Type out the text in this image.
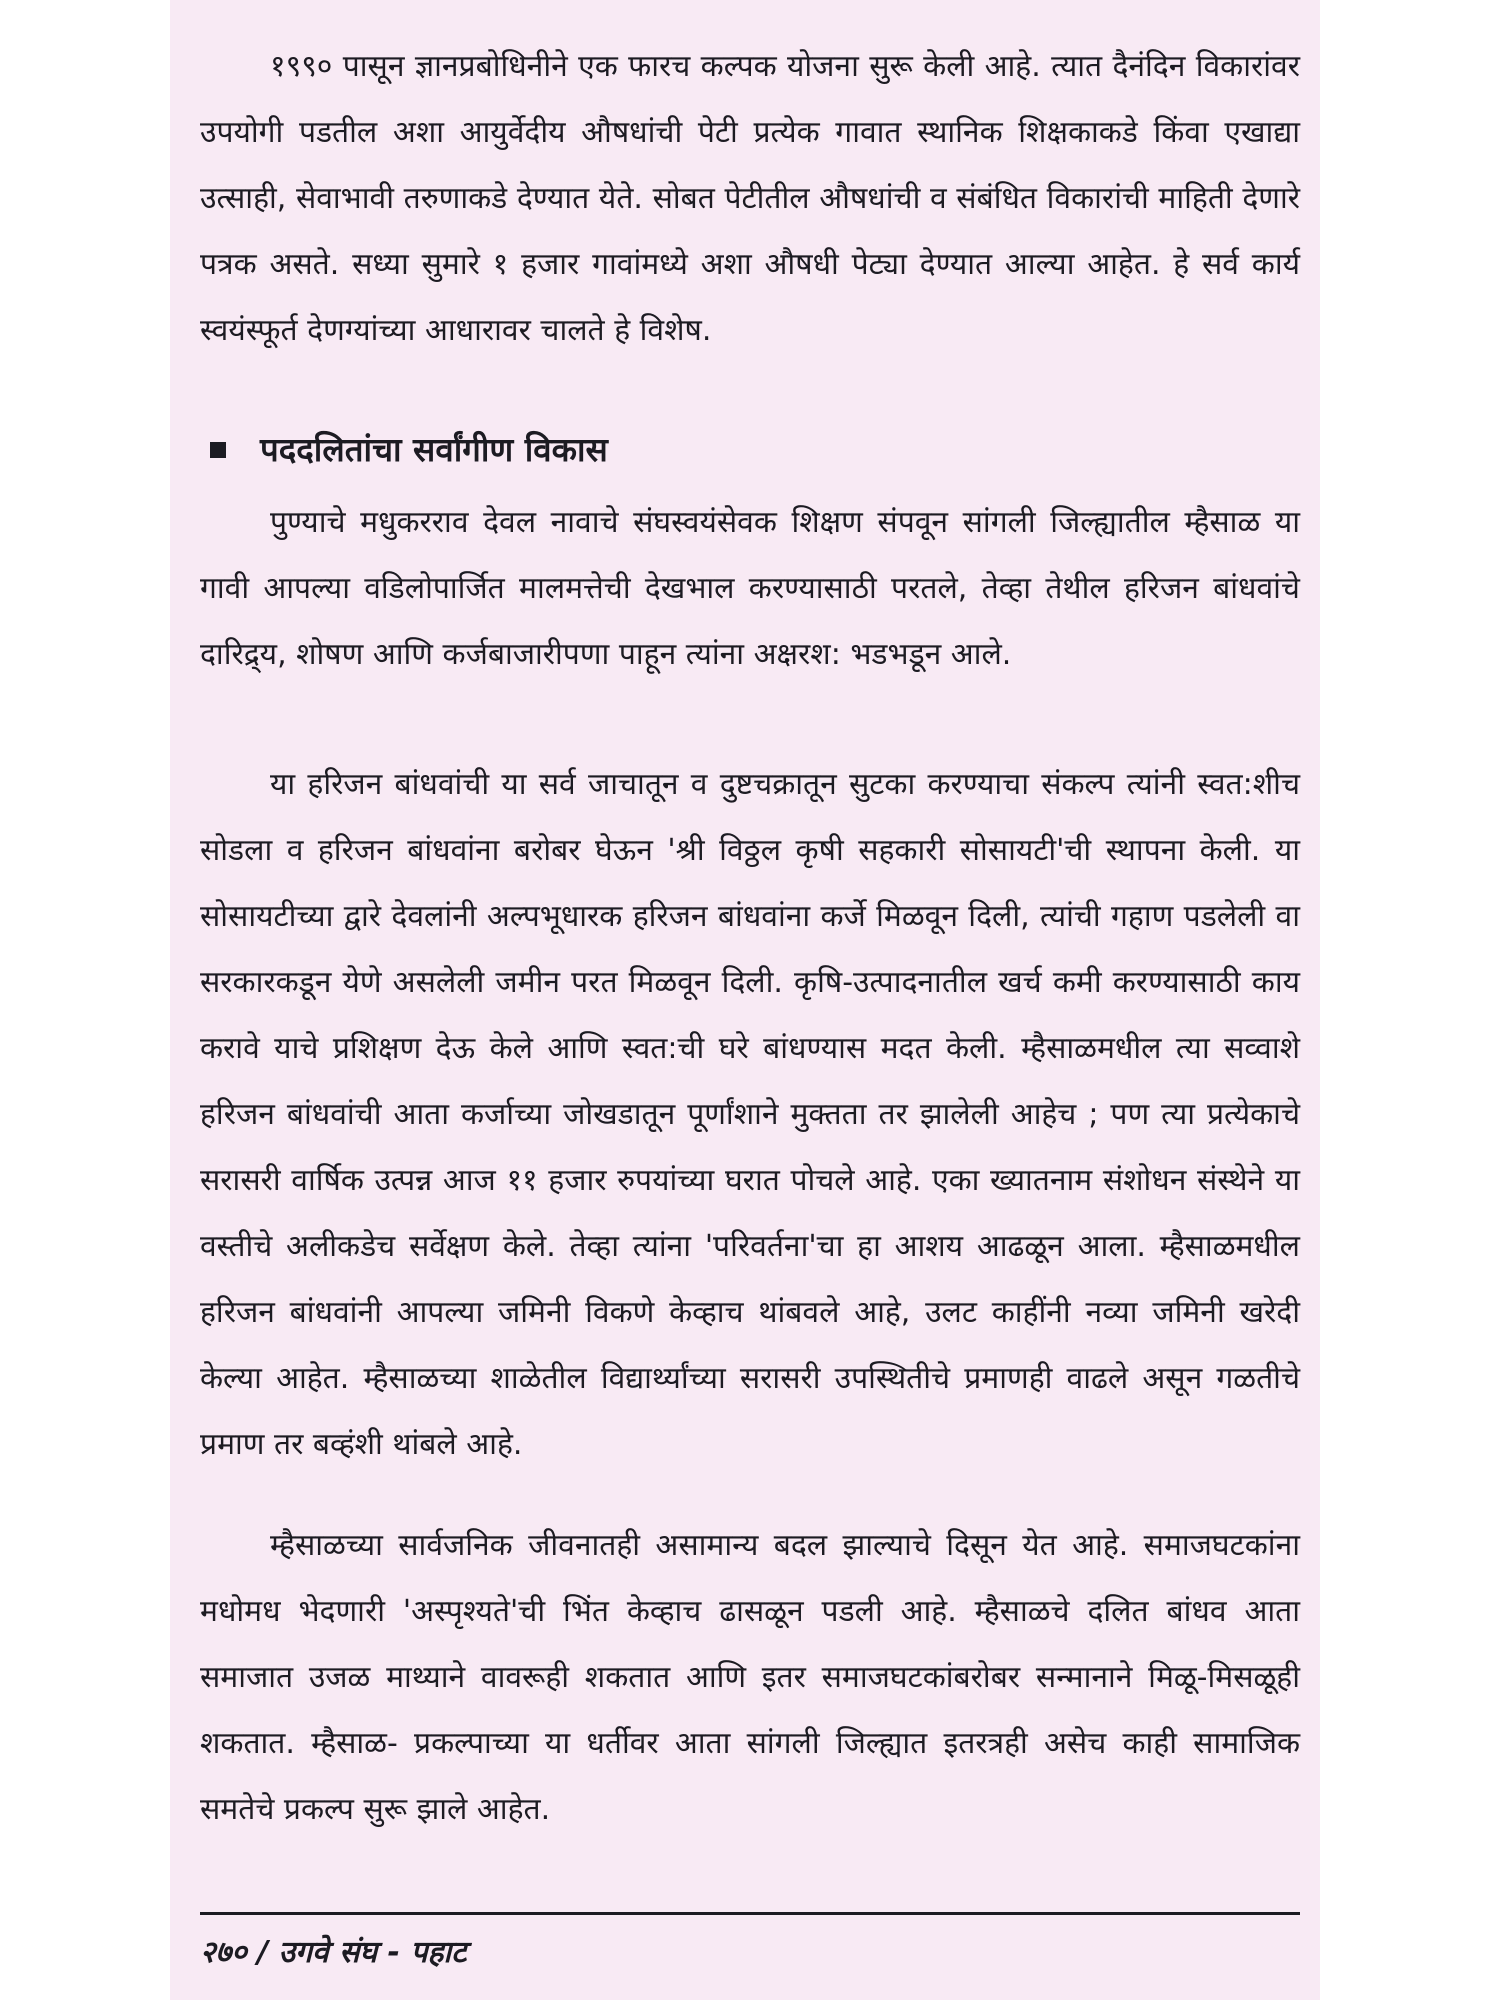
१९९० पासून ज्ञानप्रबोधिनीने एक फारच कल्पक योजना सुरू केली आहे. त्यात दैनंदिन विकारांवर उपयोगी पडतील अशा आयुर्वेदीय औषधांची पेटी प्रत्येक गावात स्थानिक शिक्षकाकडे किंवा एखाद्या उत्साही, सेवाभावी तरुणाकडे देण्यात येते. सोबत पेटीतील औषधांची व संबंधित विकारांची माहिती देणारे पत्रक असते. सध्या सुमारे १ हजार गावांमध्ये अशा औषधी पेट्या देण्यात आल्या आहेत. हे सर्व कार्य स्वयंस्फूर्त देणग्यांच्या आधारावर चालते हे विशेष.

पददलितांचा सर्वांगीण विकास

पुण्याचे मधुकरराव देवल नावाचे संघस्वयंसेवक शिक्षण संपवून सांगली जिल्ह्यातील म्हैसाळ या गावी आपल्या वडिलोपार्जित मालमत्तेची देखभाल करण्यासाठी परतले, तेव्हा तेथील हरिजन बांधवांचे दारिद्र्य, शोषण आणि कर्जबाजारीपणा पाहून त्यांना अक्षरश: भडभडून आले.

या हरिजन बांधवांची या सर्व जाचातून व दुष्टचक्रातून सुटका करण्याचा संकल्प त्यांनी स्वत:शीच सोडला व हरिजन बांधवांना बरोबर घेऊन 'श्री विठ्ठल कृषी सहकारी सोसायटी'ची स्थापना केली. या सोसायटीच्या द्वारे देवलांनी अल्पभूधारक हरिजन बांधवांना कर्जे मिळवून दिली, त्यांची गहाण पडलेली वा सरकारकडून येणे असलेली जमीन परत मिळवून दिली. कृषि-उत्पादनातील खर्च कमी करण्यासाठी काय करावे याचे प्रशिक्षण देऊ केले आणि स्वत:ची घरे बांधण्यास मदत केली. म्हैसाळमधील त्या सव्वाशे हरिजन बांधवांची आता कर्जाच्या जोखडातून पूर्णांशाने मुक्तता तर झालेली आहेच ; पण त्या प्रत्येकाचे सरासरी वार्षिक उत्पन्न आज ११ हजार रुपयांच्या घरात पोचले आहे. एका ख्यातनाम संशोधन संस्थेने या वस्तीचे अलीकडेच सर्वेक्षण केले. तेव्हा त्यांना 'परिवर्तना'चा हा आशय आढळून आला. म्हैसाळमधील हरिजन बांधवांनी आपल्या जमिनी विकणे केव्हाच थांबवले आहे, उलट काहींनी नव्या जमिनी खरेदी केल्या आहेत. म्हैसाळच्या शाळेतील विद्यार्थ्यांच्या सरासरी उपस्थितीचे प्रमाणही वाढले असून गळतीचे प्रमाण तर बव्हंशी थांबले आहे.

म्हैसाळच्या सार्वजनिक जीवनातही असामान्य बदल झाल्याचे दिसून येत आहे. समाजघटकांना मधोमध भेदणारी 'अस्पृश्यते'ची भिंत केव्हाच ढासळून पडली आहे. म्हैसाळचे दलित बांधव आता समाजात उजळ माथ्याने वावरूही शकतात आणि इतर समाजघटकांबरोबर सन्मानाने मिळू-मिसळूही शकतात. म्हैसाळ- प्रकल्पाच्या या धर्तीवर आता सांगली जिल्ह्यात इतरत्रही असेच काही सामाजिक समतेचे प्रकल्प सुरू झाले आहेत.

२७० / उगवे संघ - पहाट
